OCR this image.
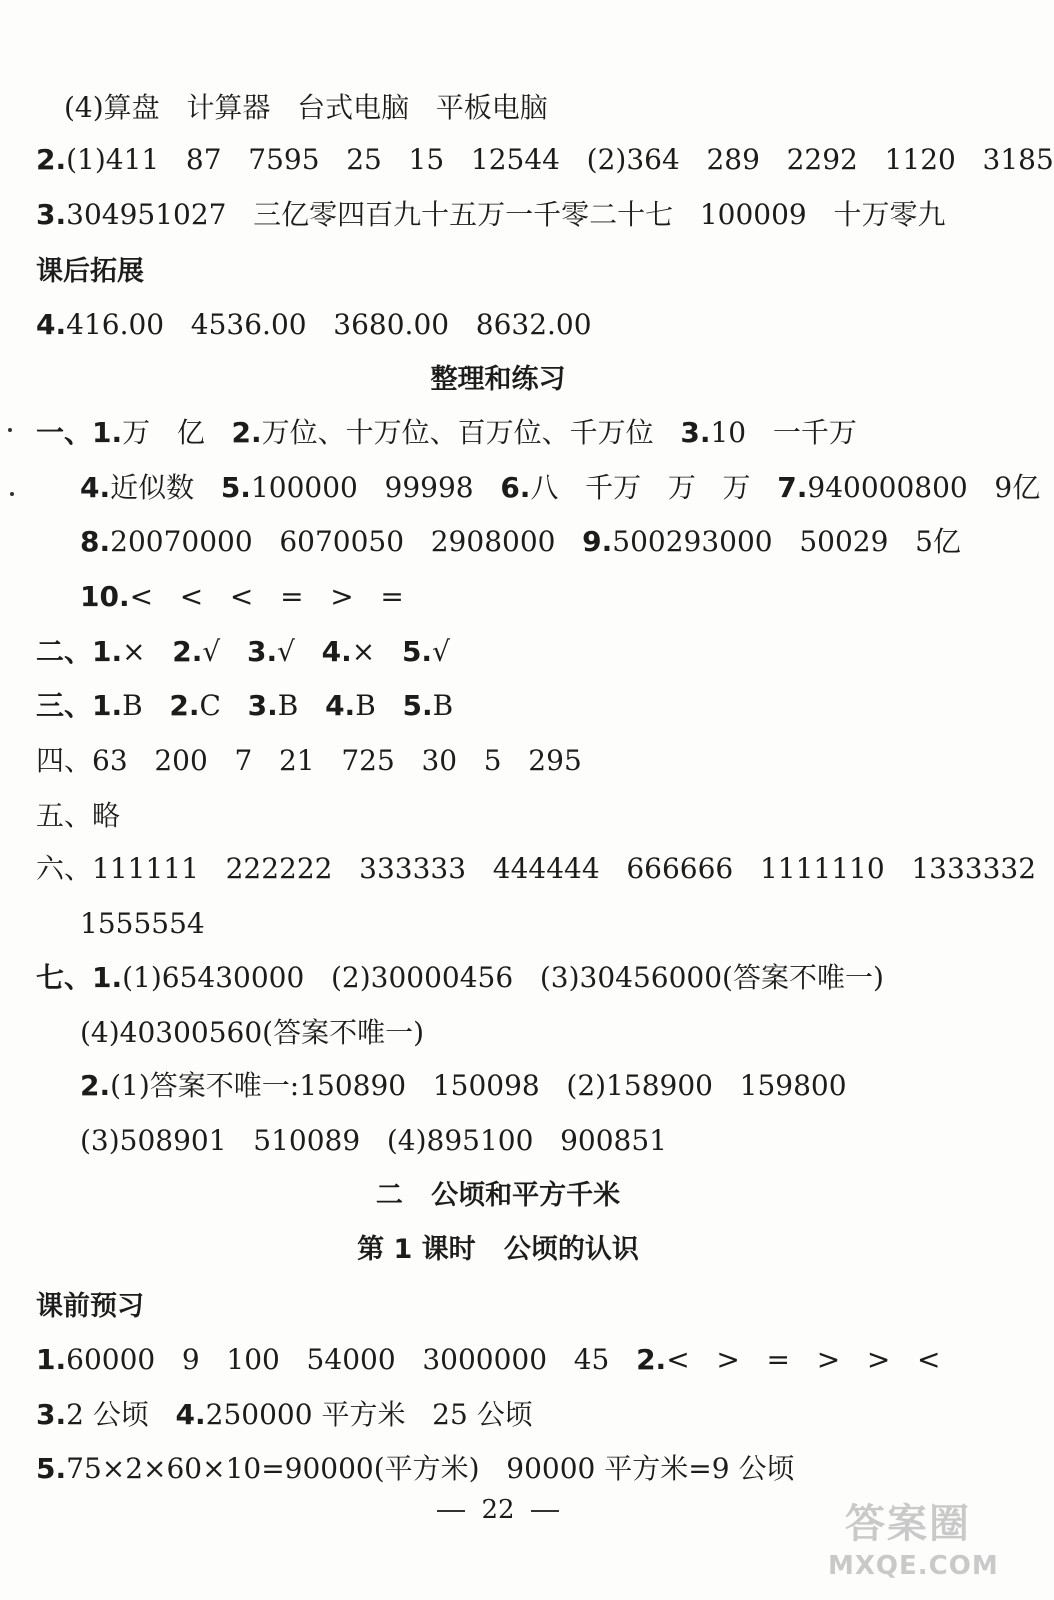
(4)算盘   计算器   台式电脑   平板电脑
2.(1)411   87   7595   25   15   12544   (2)364   289   2292   1120   3185
3.304951027   三亿零四百九十五万一千零二十七   100009   十万零九
课后拓展
4.416.00   4536.00   3680.00   8632.00
整理和练习
一、1.万   亿   2.万位、十万位、百万位、千万位   3.10   一千万
4.近似数   5.100000   99998   6.八   千万   万   万   7.940000800   9亿
8.20070000   6070050   2908000   9.500293000   50029   5亿
10.<   <   <   =   >   =
二、1.×   2.√   3.√   4.×   5.√
三、1.B   2.C   3.B   4.B   5.B
四、63   200   7   21   725   30   5   295
五、略
六、111111   222222   333333   444444   666666   1111110   1333332
1555554
七、1.(1)65430000   (2)30000456   (3)30456000(答案不唯一)
(4)40300560(答案不唯一)
2.(1)答案不唯一:150890   150098   (2)158900   159800
(3)508901   510089   (4)895100   900851
二   公顷和平方千米
第 1 课时   公顷的认识
课前预习
1.60000   9   100   54000   3000000   45   2.<   >   =   >   >   <
3.2 公顷   4.250000 平方米   25 公顷
5.75×2×60×10=90000(平方米)   90000 平方米=9 公顷
22	答案圈
MXQE.COM
